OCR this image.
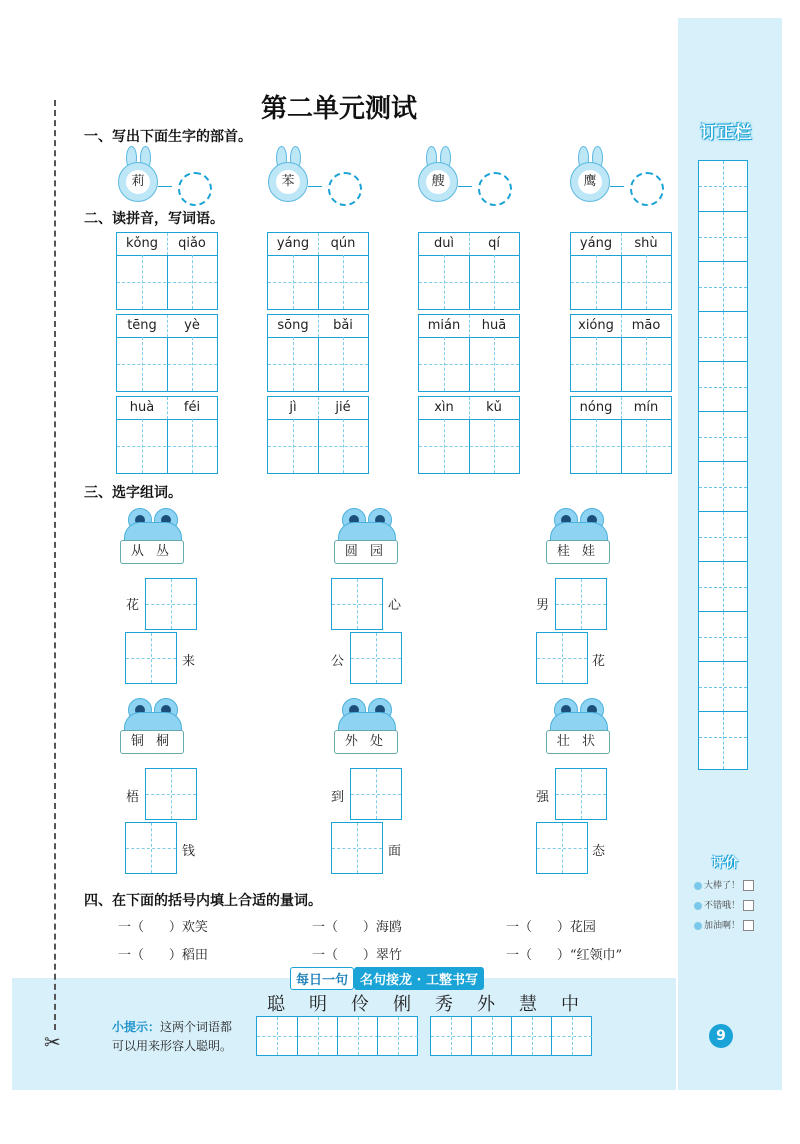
订正栏
评价
大棒了！
不错哦！
加油啊！
每日一句 名句接龙 · 工整书写
聪 明 伶 俐 秀 外 慧 中
小提示：这两个词语都
可以用来形容人聪明。
9
✂
第二单元测试
一、写出下面生字的部首。
莉	苯	艘	鹰
二、读拼音，写词语。
kǒng	qiǎo	yáng	qún	duì	qí	yáng	shù
tēng	yè	sōng	bǎi	mián	huā	xióng	māo
huà	féi	jì	jié	xìn	kǔ	nóng	mín
三、选字组词。
从 丛
花
来
圆 园
心
公
桂 娃
男
花
铜 桐
梧
钱
外 处
到
面
壮 状
强
态
四、在下面的括号内填上合适的量词。
一（ ）欢笑	一（ ）海鸥	一（ ）花园
一（ ）稻田	一（ ）翠竹	一（ ）“红领巾”
